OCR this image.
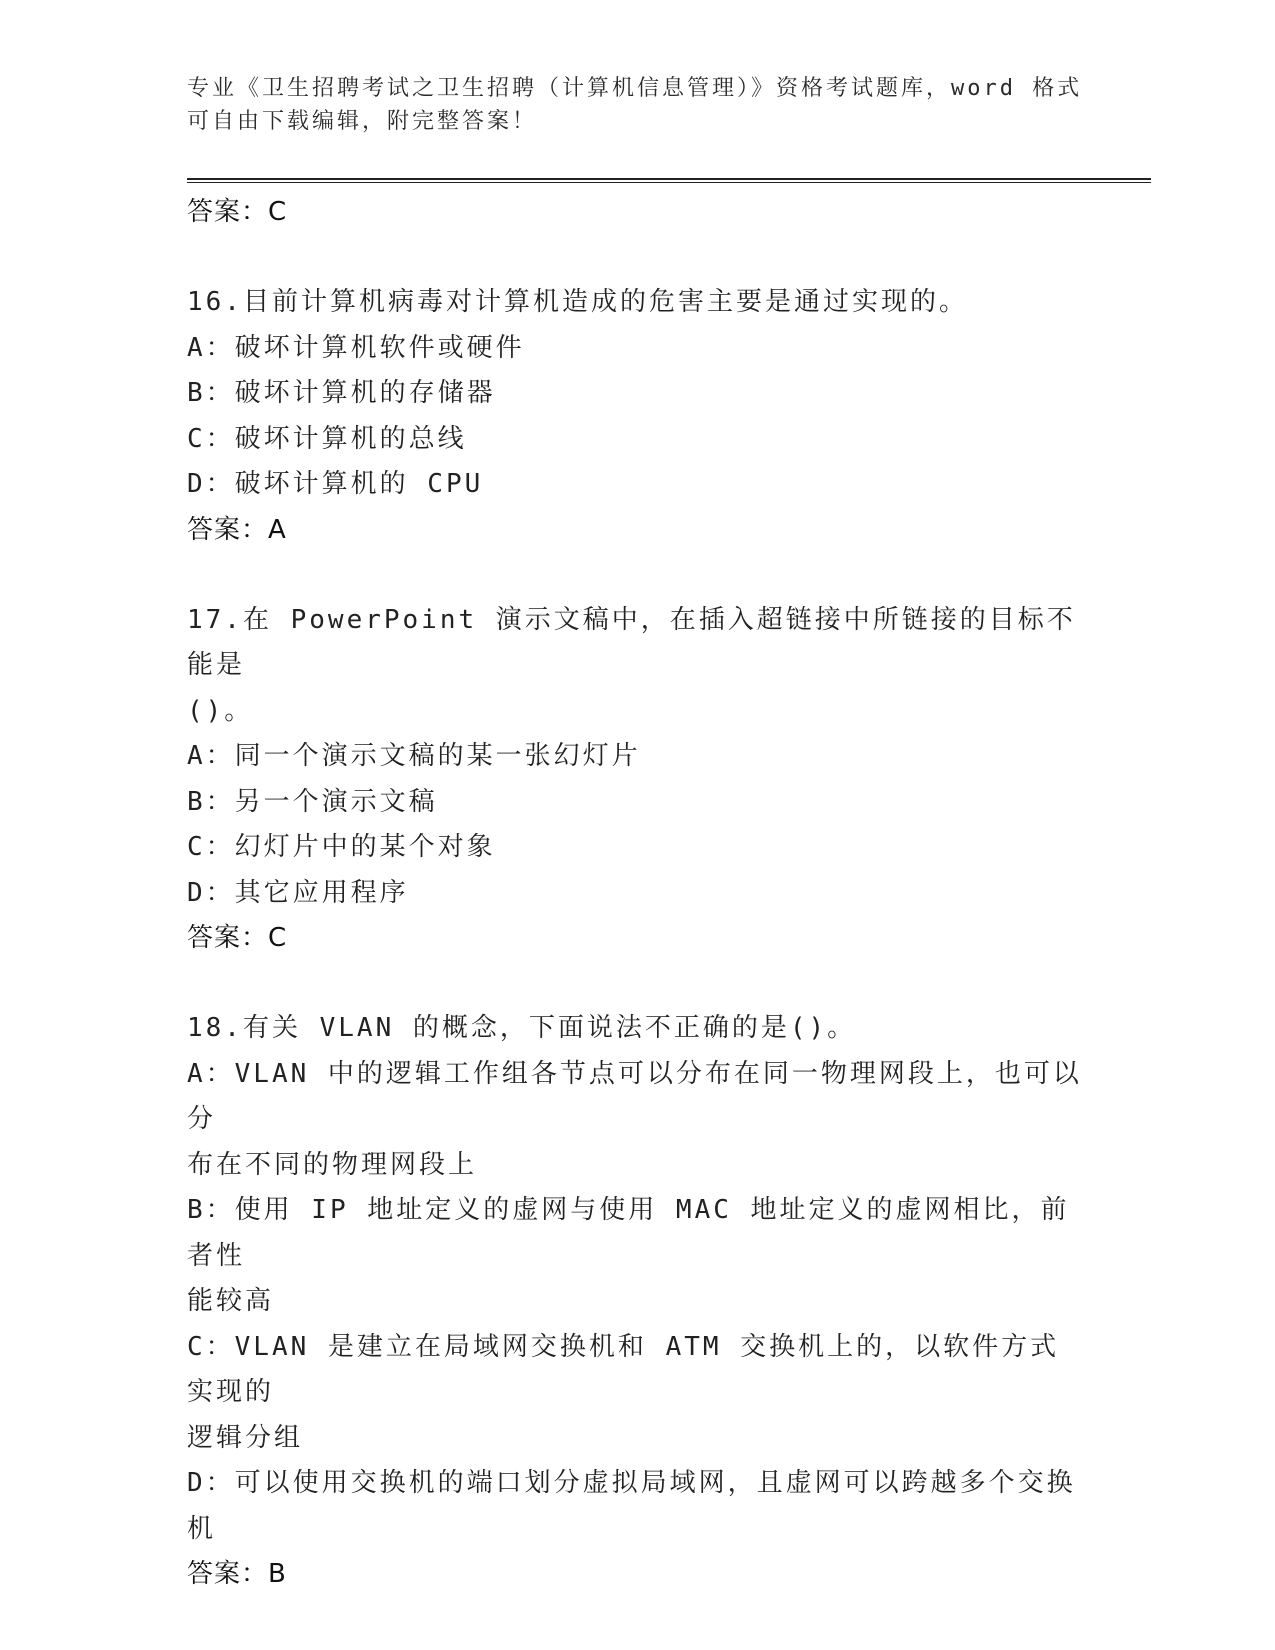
专业《卫生招聘考试之卫生招聘（计算机信息管理）》资格考试题库，word 格式
可自由下载编辑，附完整答案！
答案：C
16.目前计算机病毒对计算机造成的危害主要是通过实现的。
A：破坏计算机软件或硬件
B：破坏计算机的存储器
C：破坏计算机的总线
D：破坏计算机的 CPU
答案：A
17.在 PowerPoint 演示文稿中，在插入超链接中所链接的目标不能是
()。
A：同一个演示文稿的某一张幻灯片
B：另一个演示文稿
C：幻灯片中的某个对象
D：其它应用程序
答案：C
18.有关 VLAN 的概念，下面说法不正确的是()。
A：VLAN 中的逻辑工作组各节点可以分布在同一物理网段上，也可以分
布在不同的物理网段上
B：使用 IP 地址定义的虚网与使用 MAC 地址定义的虚网相比，前者性
能较高
C：VLAN 是建立在局域网交换机和 ATM 交换机上的，以软件方式实现的
逻辑分组
D：可以使用交换机的端口划分虚拟局域网，且虚网可以跨越多个交换
机
答案：B
